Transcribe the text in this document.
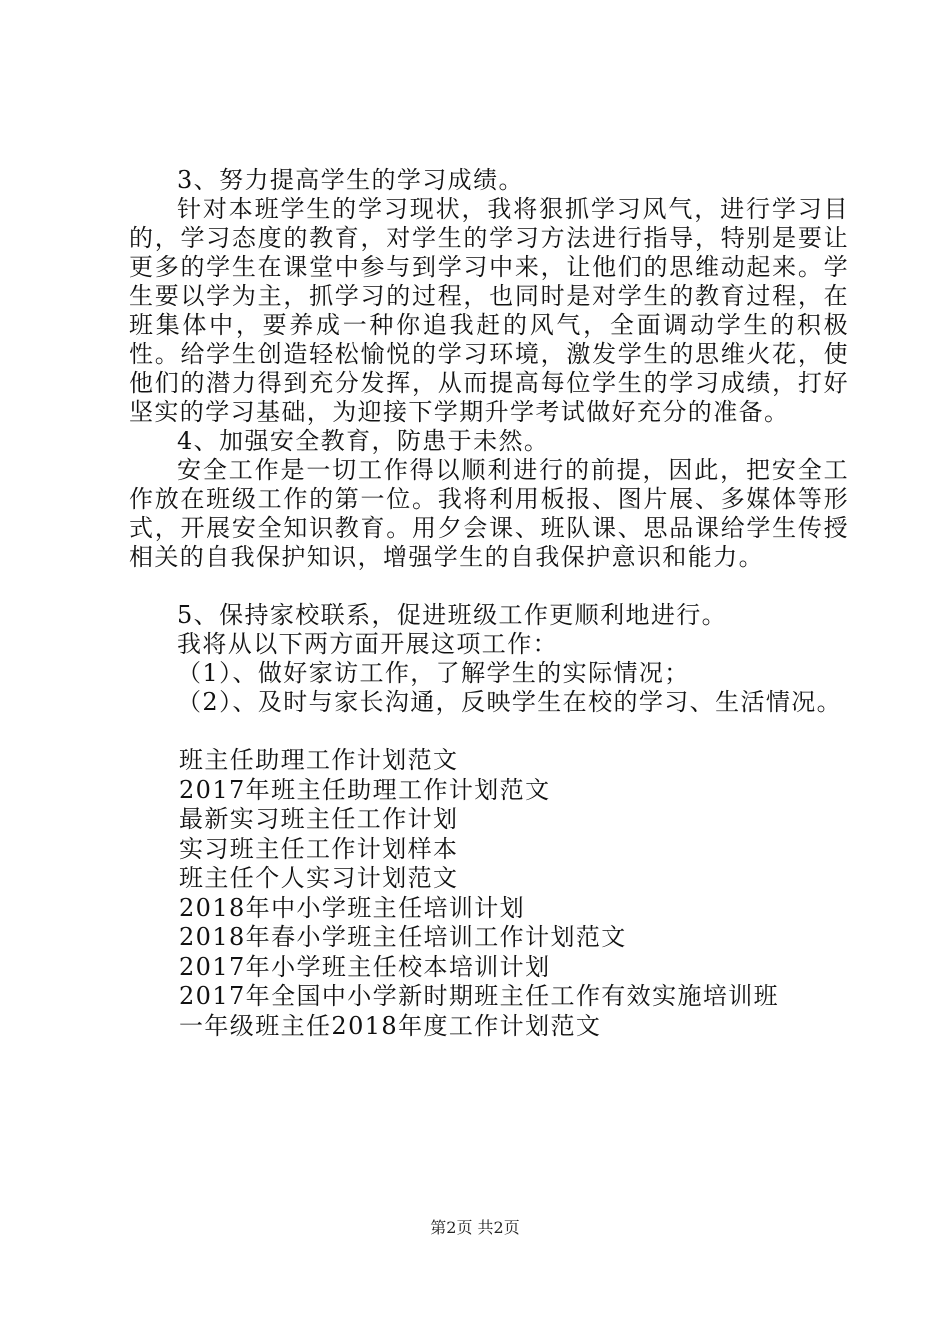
3、努力提高学生的学习成绩。

针对本班学生的学习现状，我将狠抓学习风气，进行学习目的，学习态度的教育，对学生的学习方法进行指导，特别是要让更多的学生在课堂中参与到学习中来，让他们的思维动起来。学生要以学为主，抓学习的过程，也同时是对学生的教育过程，在班集体中，要养成一种你追我赶的风气，全面调动学生的积极性。给学生创造轻松愉悦的学习环境，激发学生的思维火花，使他们的潜力得到充分发挥，从而提高每位学生的学习成绩，打好坚实的学习基础，为迎接下学期升学考试做好充分的准备。

4、加强安全教育，防患于未然。

安全工作是一切工作得以顺利进行的前提，因此，把安全工作放在班级工作的第一位。我将利用板报、图片展、多媒体等形式，开展安全知识教育。用夕会课、班队课、思品课给学生传授相关的自我保护知识，增强学生的自我保护意识和能力。

5、保持家校联系，促进班级工作更顺利地进行。

我将从以下两方面开展这项工作：

（1）、做好家访工作，了解学生的实际情况；

（2）、及时与家长沟通，反映学生在校的学习、生活情况。

班主任助理工作计划范文
2017年班主任助理工作计划范文
最新实习班主任工作计划
实习班主任工作计划样本
班主任个人实习计划范文
2018年中小学班主任培训计划
2018年春小学班主任培训工作计划范文
2017年小学班主任校本培训计划
2017年全国中小学新时期班主任工作有效实施培训班
一年级班主任2018年度工作计划范文
第2页 共2页
